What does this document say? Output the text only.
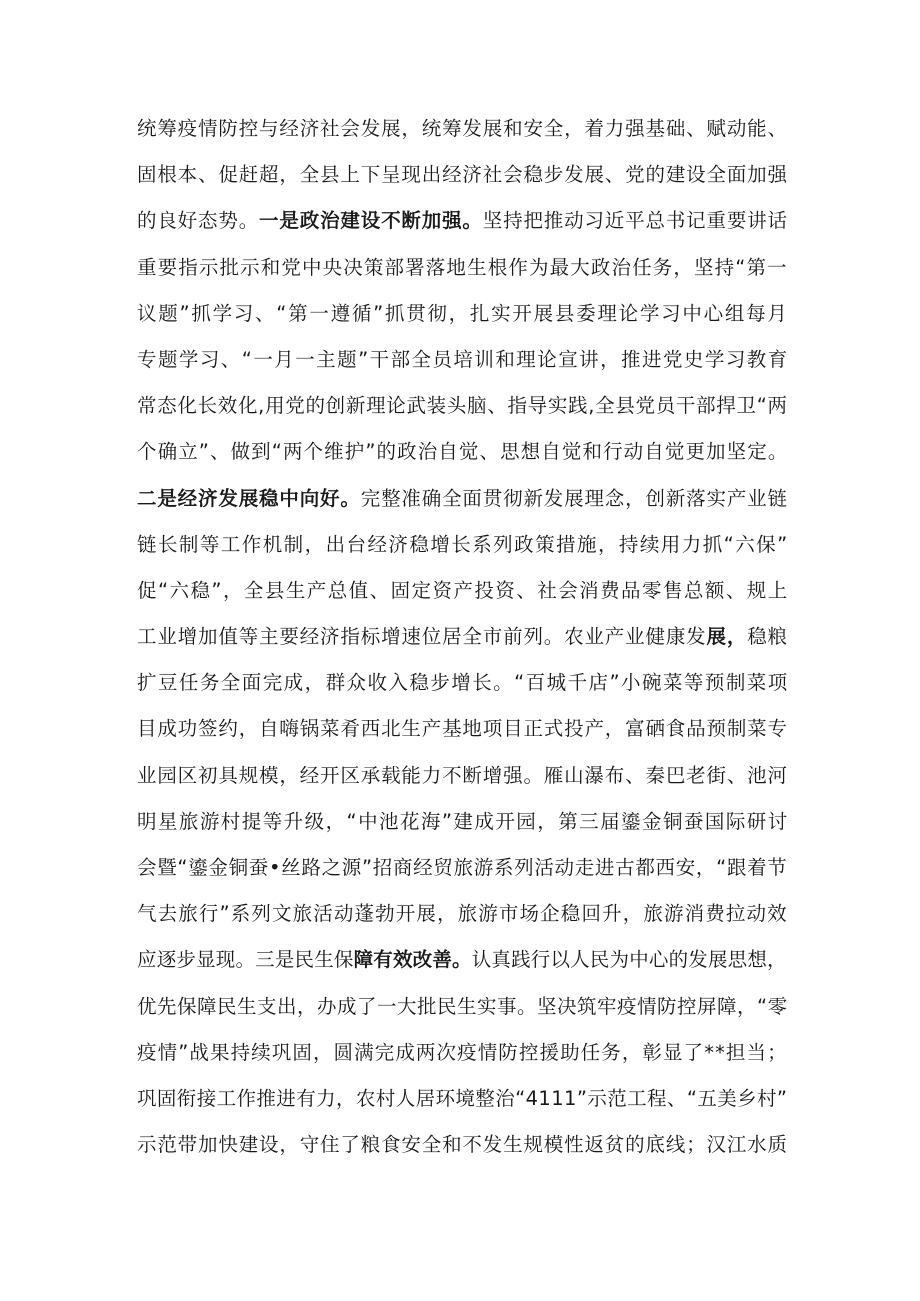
统筹疫情防控与经济社会发展，统筹发展和安全，着力强基础、赋动能、
固根本、促赶超，全县上下呈现出经济社会稳步发展、党的建设全面加强
的良好态势。一是政治建设不断加强。坚持把推动习近平总书记重要讲话
重要指示批示和党中央决策部署落地生根作为最大政治任务，坚持“第一
议题”抓学习、“第一遵循”抓贯彻，扎实开展县委理论学习中心组每月
专题学习、“一月一主题”干部全员培训和理论宣讲，推进党史学习教育
常态化长效化,用党的创新理论武装头脑、指导实践,全县党员干部捍卫“两
个确立”、做到“两个维护”的政治自觉、思想自觉和行动自觉更加坚定。
二是经济发展稳中向好。完整准确全面贯彻新发展理念，创新落实产业链
链长制等工作机制，出台经济稳增长系列政策措施，持续用力抓“六保”
促“六稳”，全县生产总值、固定资产投资、社会消费品零售总额、规上
工业增加值等主要经济指标增速位居全市前列。农业产业健康发展，稳粮
扩豆任务全面完成，群众收入稳步增长。“百城千店”小碗菜等预制菜项
目成功签约，自嗨锅菜肴西北生产基地项目正式投产，富硒食品预制菜专
业园区初具规模，经开区承载能力不断增强。雁山瀑布、秦巴老街、池河
明星旅游村提等升级，“中池花海”建成开园，第三届鎏金铜蚕国际研讨
会暨“鎏金铜蚕•丝路之源”招商经贸旅游系列活动走进古都西安，“跟着节
气去旅行”系列文旅活动蓬勃开展，旅游市场企稳回升，旅游消费拉动效
应逐步显现。三是民生保障有效改善。认真践行以人民为中心的发展思想，
优先保障民生支出，办成了一大批民生实事。坚决筑牢疫情防控屏障，“零
疫情”战果持续巩固，圆满完成两次疫情防控援助任务，彰显了**担当；
巩固衔接工作推进有力，农村人居环境整治“4111”示范工程、“五美乡村”
示范带加快建设，守住了粮食安全和不发生规模性返贫的底线；汉江水质
